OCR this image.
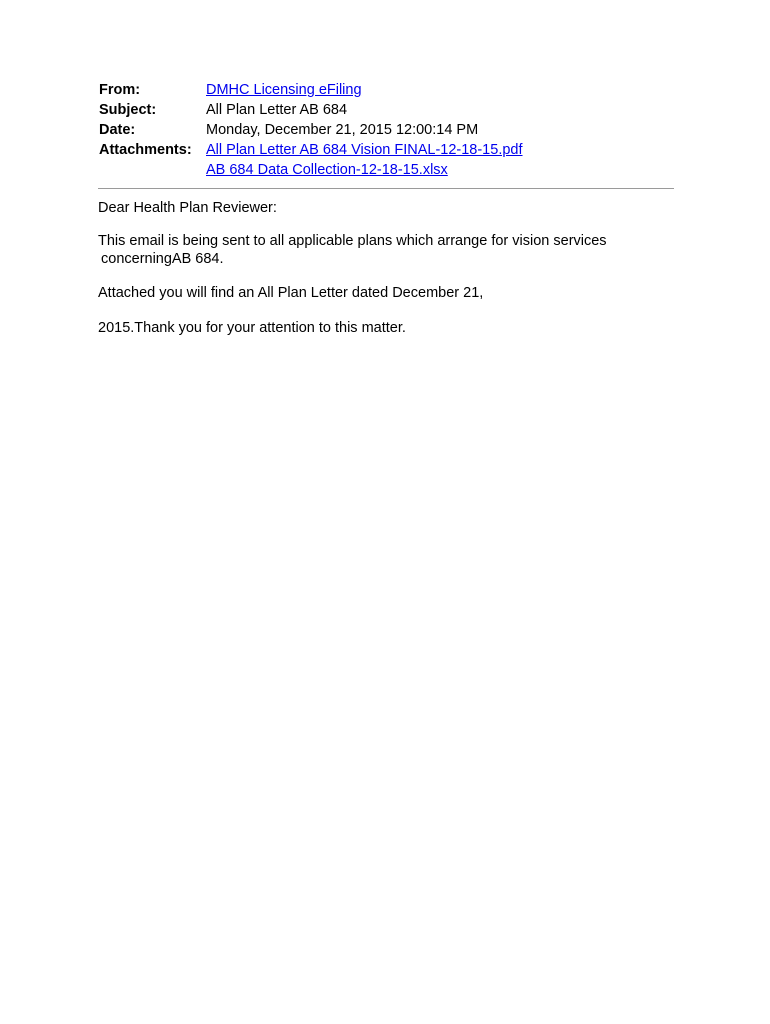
From:	DMHC Licensing eFiling
Subject:	All Plan Letter AB 684
Date:	Monday, December 21, 2015 12:00:14 PM
Attachments:	All Plan Letter AB 684 Vision FINAL-12-18-15.pdf
AB 684 Data Collection-12-18-15.xlsx
Dear Health Plan Reviewer:
This email is being sent to all applicable plans which arrange for vision services
concerningAB 684.
Attached you will find an All Plan Letter dated December 21,
2015.Thank you for your attention to this matter.
